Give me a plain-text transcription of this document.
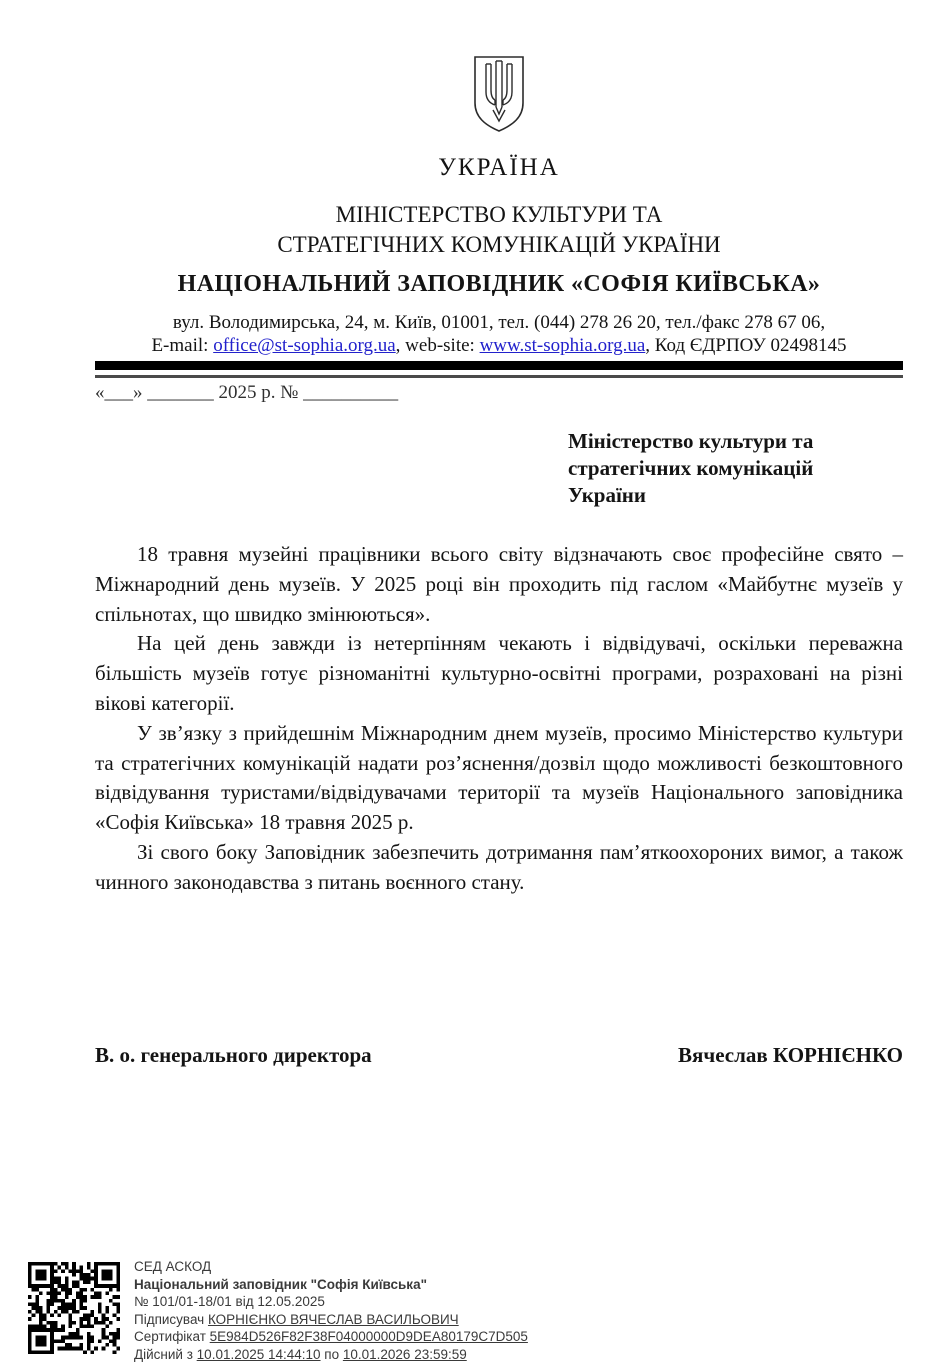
УКРАЇНА
МІНІСТЕРСТВО КУЛЬТУРИ ТА
СТРАТЕГІЧНИХ КОМУНІКАЦІЙ УКРАЇНИ
НАЦІОНАЛЬНИЙ ЗАПОВІДНИК «СОФІЯ КИЇВСЬКА»
вул. Володимирська, 24, м. Київ, 01001, тел. (044) 278 26 20, тел./факс 278 67 06,
E-mail: office@st-sophia.org.ua, web-site: www.st-sophia.org.ua, Код ЄДРПОУ 02498145
«___» _______ 2025 р. № __________
Міністерство культури та
стратегічних комунікацій
України

18 травня музейні працівники всього світу відзначають своє професійне свято – Міжнародний день музеїв. У 2025 році він проходить під гаслом «Майбутнє музеїв у спільнотах, що швидко змінюються».

На цей день завжди із нетерпінням чекають і відвідувачі, оскільки переважна більшість музеїв готує різноманітні культурно-освітні програми, розраховані на різні вікові категорії.

У зв’язку з прийдешнім Міжнародним днем музеїв, просимо Міністерство культури та стратегічних комунікацій надати роз’яснення/дозвіл щодо можливості безкоштовного відвідування туристами/відвідувачами території та музеїв Національного заповідника «Софія Київська» 18 травня 2025 р.

Зі свого боку Заповідник забезпечить дотримання пам’яткоохороних вимог, а також чинного законодавства з питань воєнного стану.

В. о. генерального директора	Вячеслав КОРНІЄНКО
СЕД АСКОД
Національний заповідник "Софія Київська"
№ 101/01-18/01 від 12.05.2025
Підписувач КОРНІЄНКО ВЯЧЕСЛАВ ВАСИЛЬОВИЧ
Сертифікат 5E984D526F82F38F04000000D9DEA80179C7D505
Дійсний з 10.01.2025 14:44:10 по 10.01.2026 23:59:59
